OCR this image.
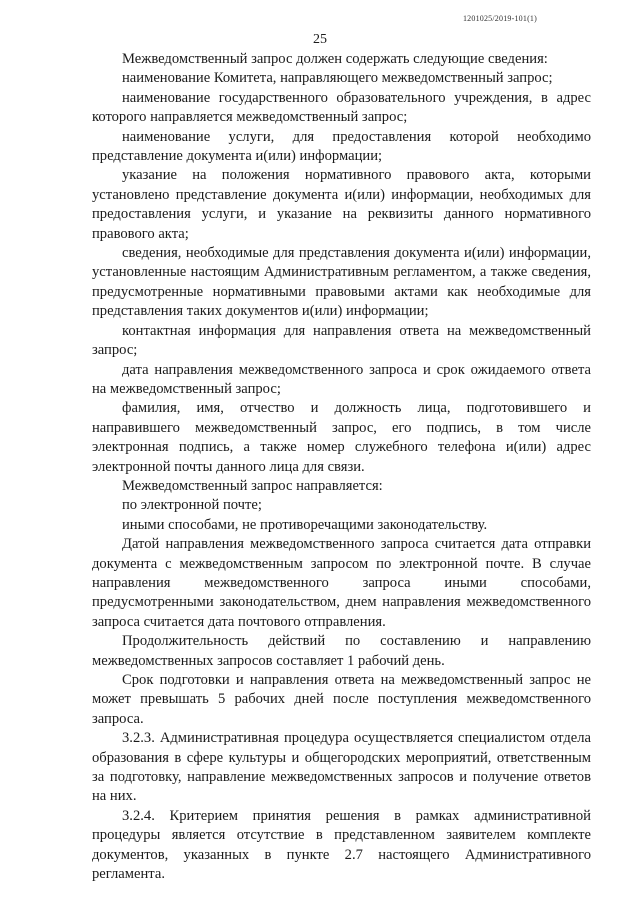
1201025/2019-101(1)
25

Межведомственный запрос должен содержать следующие сведения:

наименование Комитета, направляющего межведомственный запрос;

наименование государственного образовательного учреждения, в адрес которого направляется межведомственный запрос;

наименование услуги, для предоставления которой необходимо представление документа и(или) информации;

указание на положения нормативного правового акта, которыми установлено представление документа и(или) информации, необходимых для предоставления услуги, и указание на реквизиты данного нормативного правового акта;

сведения, необходимые для представления документа и(или) информации, установленные настоящим Административным регламентом, а также сведения, предусмотренные нормативными правовыми актами как необходимые для представления таких документов и(или) информации;

контактная информация для направления ответа на межведомственный запрос;

дата направления межведомственного запроса и срок ожидаемого ответа на межведомственный запрос;

фамилия, имя, отчество и должность лица, подготовившего и направившего межведомственный запрос, его подпись, в том числе электронная подпись, а также номер служебного телефона и(или) адрес электронной почты данного лица для связи.

Межведомственный запрос направляется:

по электронной почте;

иными способами, не противоречащими законодательству.

Датой направления межведомственного запроса считается дата отправки документа с межведомственным запросом по электронной почте. В случае направления межведомственного запроса иными способами, предусмотренными законодательством, днем направления межведомственного запроса считается дата почтового отправления.

Продолжительность действий по составлению и направлению межведомственных запросов составляет 1 рабочий день.

Срок подготовки и направления ответа на межведомственный запрос не может превышать 5 рабочих дней после поступления межведомственного запроса.

3.2.3. Административная процедура осуществляется специалистом отдела образования в сфере культуры и общегородских мероприятий, ответственным за подготовку, направление межведомственных запросов и получение ответов на них.

3.2.4. Критерием принятия решения в рамках административной процедуры является отсутствие в представленном заявителем комплекте документов, указанных в пункте 2.7 настоящего Административного регламента.
